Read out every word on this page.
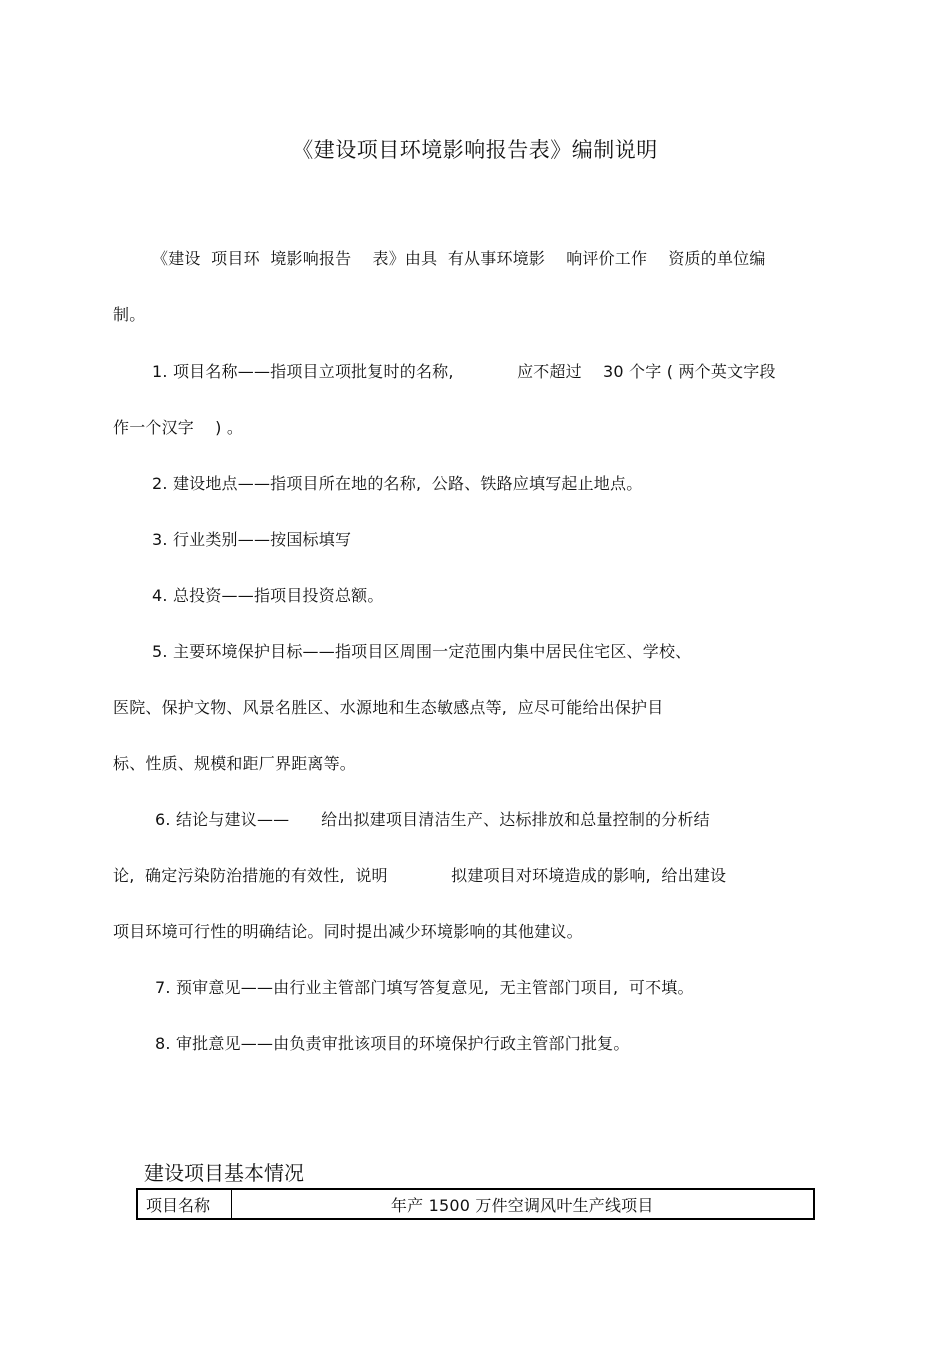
《建设项目环境影响报告表》编制说明
《建设  项目环  境影响报告    表》由具  有从事环境影    响评价工作    资质的单位编
制。
1. 项目名称——指项目立项批复时的名称,            应不超过    30 个字 ( 两个英文字段
作一个汉字    ) 。
2. 建设地点——指项目所在地的名称,  公路、铁路应填写起止地点。
3. 行业类别——按国标填写
4. 总投资——指项目投资总额。
5. 主要环境保护目标——指项目区周围一定范围内集中居民住宅区、学校、
医院、保护文物、风景名胜区、水源地和生态敏感点等,  应尽可能给出保护目
标、性质、规模和距厂界距离等。
6. 结论与建议——      给出拟建项目清洁生产、达标排放和总量控制的分析结
论,  确定污染防治措施的有效性,  说明            拟建项目对环境造成的影响,  给出建设
项目环境可行性的明确结论。同时提出减少环境影响的其他建议。
7. 预审意见——由行业主管部门填写答复意见,  无主管部门项目,  可不填。
8. 审批意见——由负责审批该项目的环境保护行政主管部门批复。
建设项目基本情况
项目名称	年产 1500 万件空调风叶生产线项目
